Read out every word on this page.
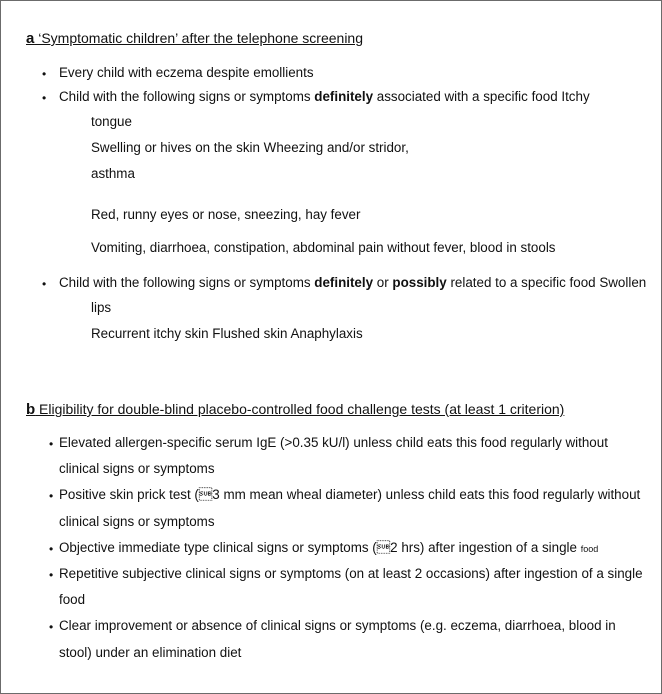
a ‘Symptomatic children’ after the telephone screening
• Every child with eczema despite emollients
• Child with the following signs or symptoms definitely associated with a specific food Itchy
tongue
Swelling or hives on the skin Wheezing and/or stridor,
asthma
Red, runny eyes or nose, sneezing, hay fever
Vomiting, diarrhoea, constipation, abdominal pain without fever, blood in stools
• Child with the following signs or symptoms definitely or possibly related to a specific food Swollen
lips
Recurrent itchy skin Flushed skin Anaphylaxis
b Eligibility for double-blind placebo-controlled food challenge tests (at least 1 criterion)
• Elevated allergen-specific serum IgE (>0.35 kU/l) unless child eats this food regularly without
clinical signs or symptoms
• Positive skin prick test (3 mm mean wheal diameter) unless child eats this food regularly without
clinical signs or symptoms
• Objective immediate type clinical signs or symptoms (2 hrs) after ingestion of a single food
• Repetitive subjective clinical signs or symptoms (on at least 2 occasions) after ingestion of a single
food
• Clear improvement or absence of clinical signs or symptoms (e.g. eczema, diarrhoea, blood in
stool) under an elimination diet
